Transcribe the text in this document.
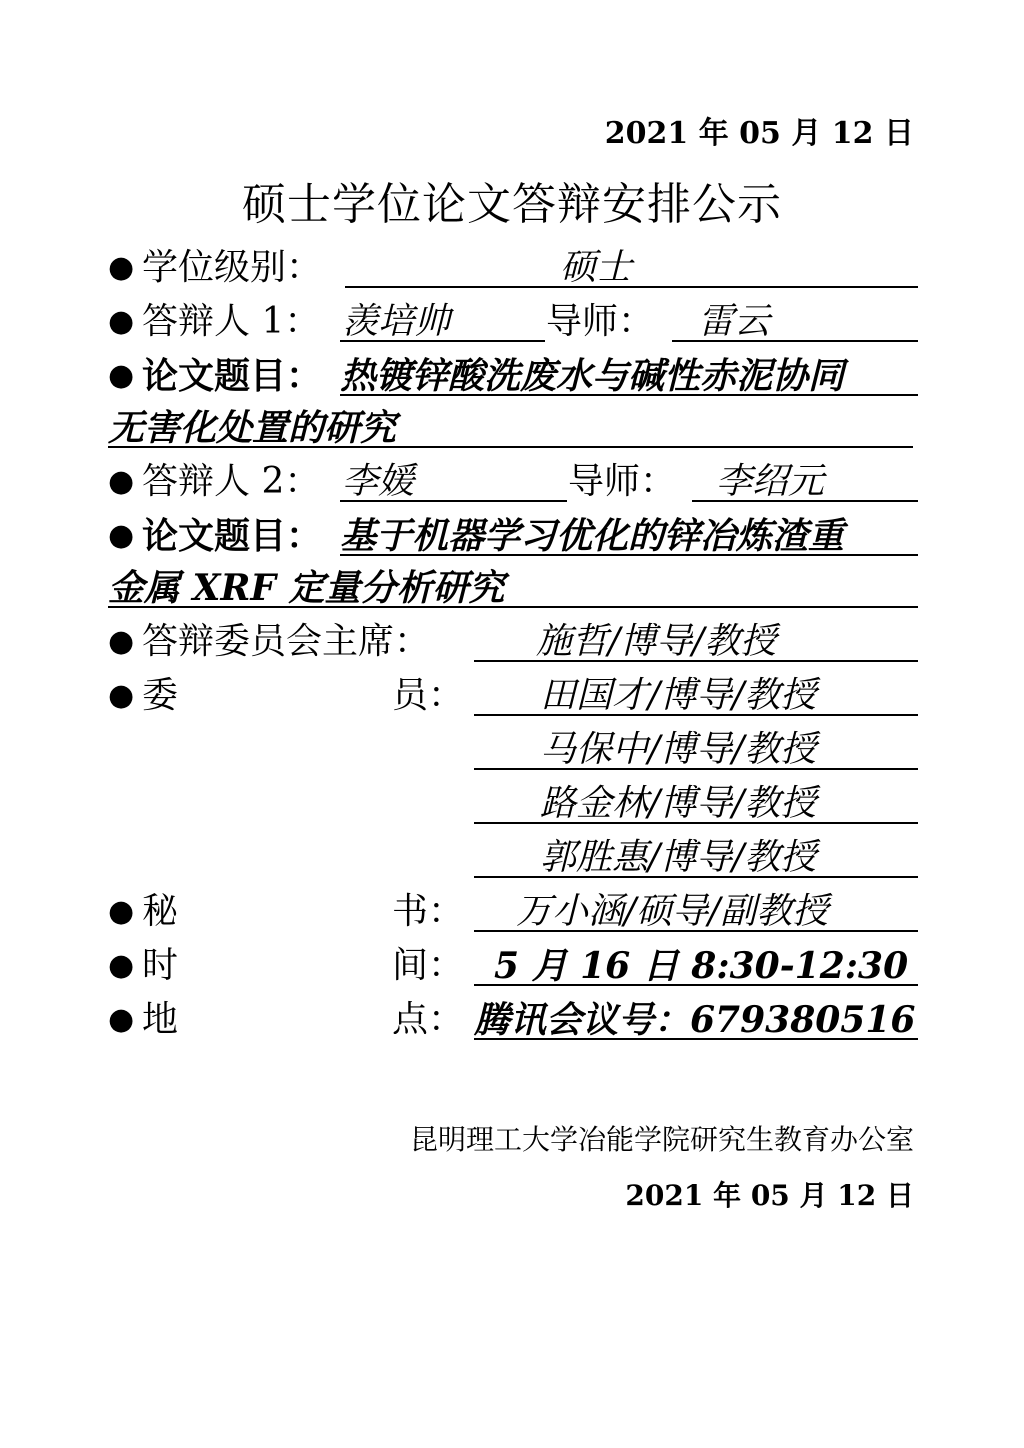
2021 年 05 月 12 日
硕士学位论文答辩安排公示
● 学位级别：	硕士
● 答辩人 1： 羡培帅	导师： 雷云
● 论文题目： 热镀锌酸洗废水与碱性赤泥协同
无害化处置的研究
● 答辩人 2： 李媛	导师： 李绍元
● 论文题目： 基于机器学习优化的锌冶炼渣重
金属 XRF 定量分析研究
● 答辩委员会主席：	施哲/博导/教授
● 委	员： 田国才/博导/教授
马保中/博导/教授
路金林/博导/教授
郭胜惠/博导/教授
● 秘	书： 万小涵/硕导/副教授
● 时	间： 5 月 16 日 8:30-12:30
● 地	点： 腾讯会议号：679380516
昆明理工大学冶能学院研究生教育办公室
2021 年 05 月 12 日
